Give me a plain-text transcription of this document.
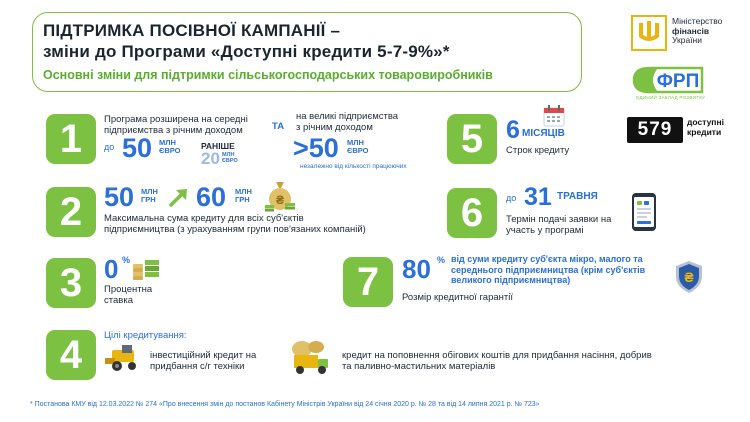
ПІДТРИМКА ПОСІВНОЇ КАМПАНІЇ –
зміни до Програми «Доступні кредити 5-7-9%»*
Основні зміни для підтримки сільськогосподарських товаровиробників
Міністерство
фінансів
України
ФРП
ЄДИНИЙ ЗАКЛАД РОЗВИТКУ
579	доступні
кредити
1	Програма розширена на середні
підприємства з річним доходом	ТА
на великі підприємства
з річним доходом
до 50 МЛН
ЄВРО РАНІШЕ
20 МЛН
ЄВРО >50 МЛН
ЄВРО
незалежно від кількості працюючих
2 50 МЛН
ГРН 60 МЛН
ГРН ₴
Максимальна сума кредиту для всіх суб'єктів
підприємництва (з урахуванням групи пов'язаних компаній)
3 0 %
Процентна
ставка
4	Цілі кредитування:
інвестиційний кредит на
придбання с/г техніки
кредит на поповнення обігових коштів для придбання насіння, добрив
та паливно-мастильних матеріалів
5 6 МІСЯЦІВ
Строк кредиту
6	до 31 ТРАВНЯ
Термін подачі заявки на
участь у програмі
7 80 % від суми кредиту суб'єкта мікро, малого та
середнього підприємництва (крім суб'єктів
великого підприємництва)
Розмір кредитної гарантії
₴
* Постанова КМУ від 12.03.2022 № 274 «Про внесення змін до постанов Кабінету Міністрів України від 24 січня 2020 р. № 28 та від 14 липня 2021 р. № 723»
